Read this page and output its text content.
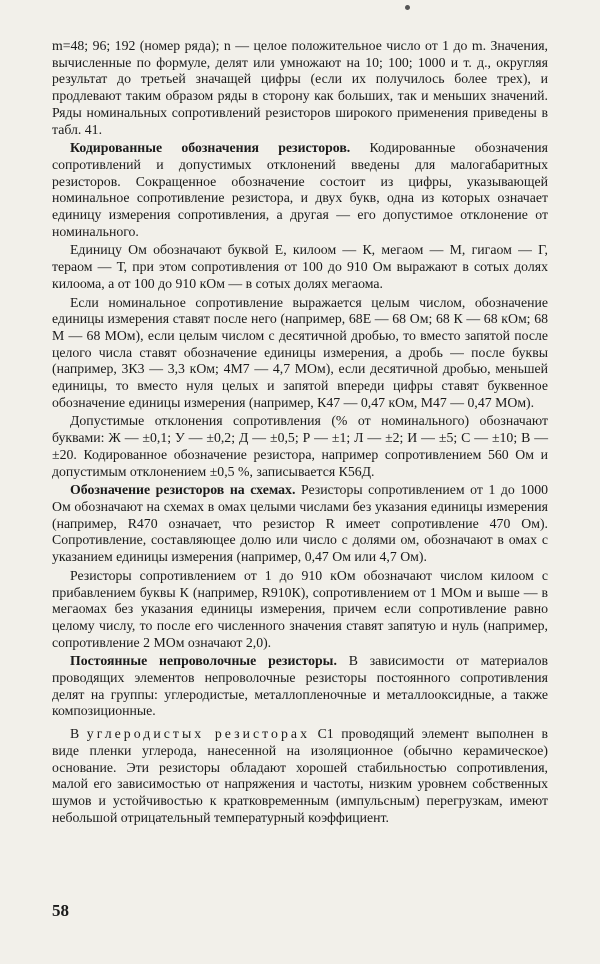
m=48; 96; 192 (номер ряда); n — целое положительное число от 1 до m. Значения, вычисленные по формуле, делят или умножают на 10; 100; 1000 и т. д., округляя результат до третьей значащей цифры (если их получилось более трех), и продлевают таким образом ряды в сторону как больших, так и меньших значений. Ряды номинальных сопротивлений резисторов широкого применения приведены в табл. 41.

Кодированные обозначения резисторов. Кодированные обозначения сопротивлений и допустимых отклонений введены для малогабаритных резисторов. Сокращенное обозначение состоит из цифры, указывающей номинальное сопротивление резистора, и двух букв, одна из которых означает единицу измерения сопротивления, а другая — его допустимое отклонение от номинального.

Единицу Ом обозначают буквой Е, килоом — К, мегаом — М, гигаом — Г, тераом — Т, при этом сопротивления от 100 до 910 Ом выражают в сотых долях килоома, а от 100 до 910 кОм — в сотых долях мегаома.

Если номинальное сопротивление выражается целым числом, обозначение единицы измерения ставят после него (например, 68Е — 68 Ом; 68 К — 68 кОм; 68 М — 68 МОм), если целым числом с десятичной дробью, то вместо запятой после целого числа ставят обозначение единицы измерения, а дробь — после буквы (например, 3К3 — 3,3 кОм; 4М7 — 4,7 МОм), если десятичной дробью, меньшей единицы, то вместо нуля целых и запятой впереди цифры ставят буквенное обозначение единицы измерения (например, К47 — 0,47 кОм, М47 — 0,47 МОм).

Допустимые отклонения сопротивления (% от номинального) обозначают буквами: Ж — ±0,1; У — ±0,2; Д — ±0,5; Р — ±1; Л — ±2; И — ±5; С — ±10; В — ±20. Кодированное обозначение резистора, например сопротивлением 560 Ом и допустимым отклонением ±0,5 %, записывается К56Д.

Обозначение резисторов на схемах. Резисторы сопротивлением от 1 до 1000 Ом обозначают на схемах в омах целыми числами без указания единицы измерения (например, R470 означает, что резистор R имеет сопротивление 470 Ом). Сопротивление, составляющее долю или число с долями ом, обозначают в омах с указанием единицы измерения (например, 0,47 Ом или 4,7 Ом).

Резисторы сопротивлением от 1 до 910 кОм обозначают числом килоом с прибавлением буквы К (например, R910К), сопротивлением от 1 МОм и выше — в мегаомах без указания единицы измерения, причем если сопротивление равно целому числу, то после его численного значения ставят запятую и нуль (например, сопротивление 2 МОм означают 2,0).

Постоянные непроволочные резисторы. В зависимости от материалов проводящих элементов непроволочные резисторы постоянного сопротивления делят на группы: углеродистые, металлопленочные и металлооксидные, а также композиционные.

В углеродистых резисторах С1 проводящий элемент выполнен в виде пленки углерода, нанесенной на изоляционное (обычно керамическое) основание. Эти резисторы обладают хорошей стабильностью сопротивления, малой его зависимостью от напряжения и частоты, низким уровнем собственных шумов и устойчивостью к кратковременным (импульсным) перегрузкам, имеют небольшой отрицательный температурный коэффициент.

58
